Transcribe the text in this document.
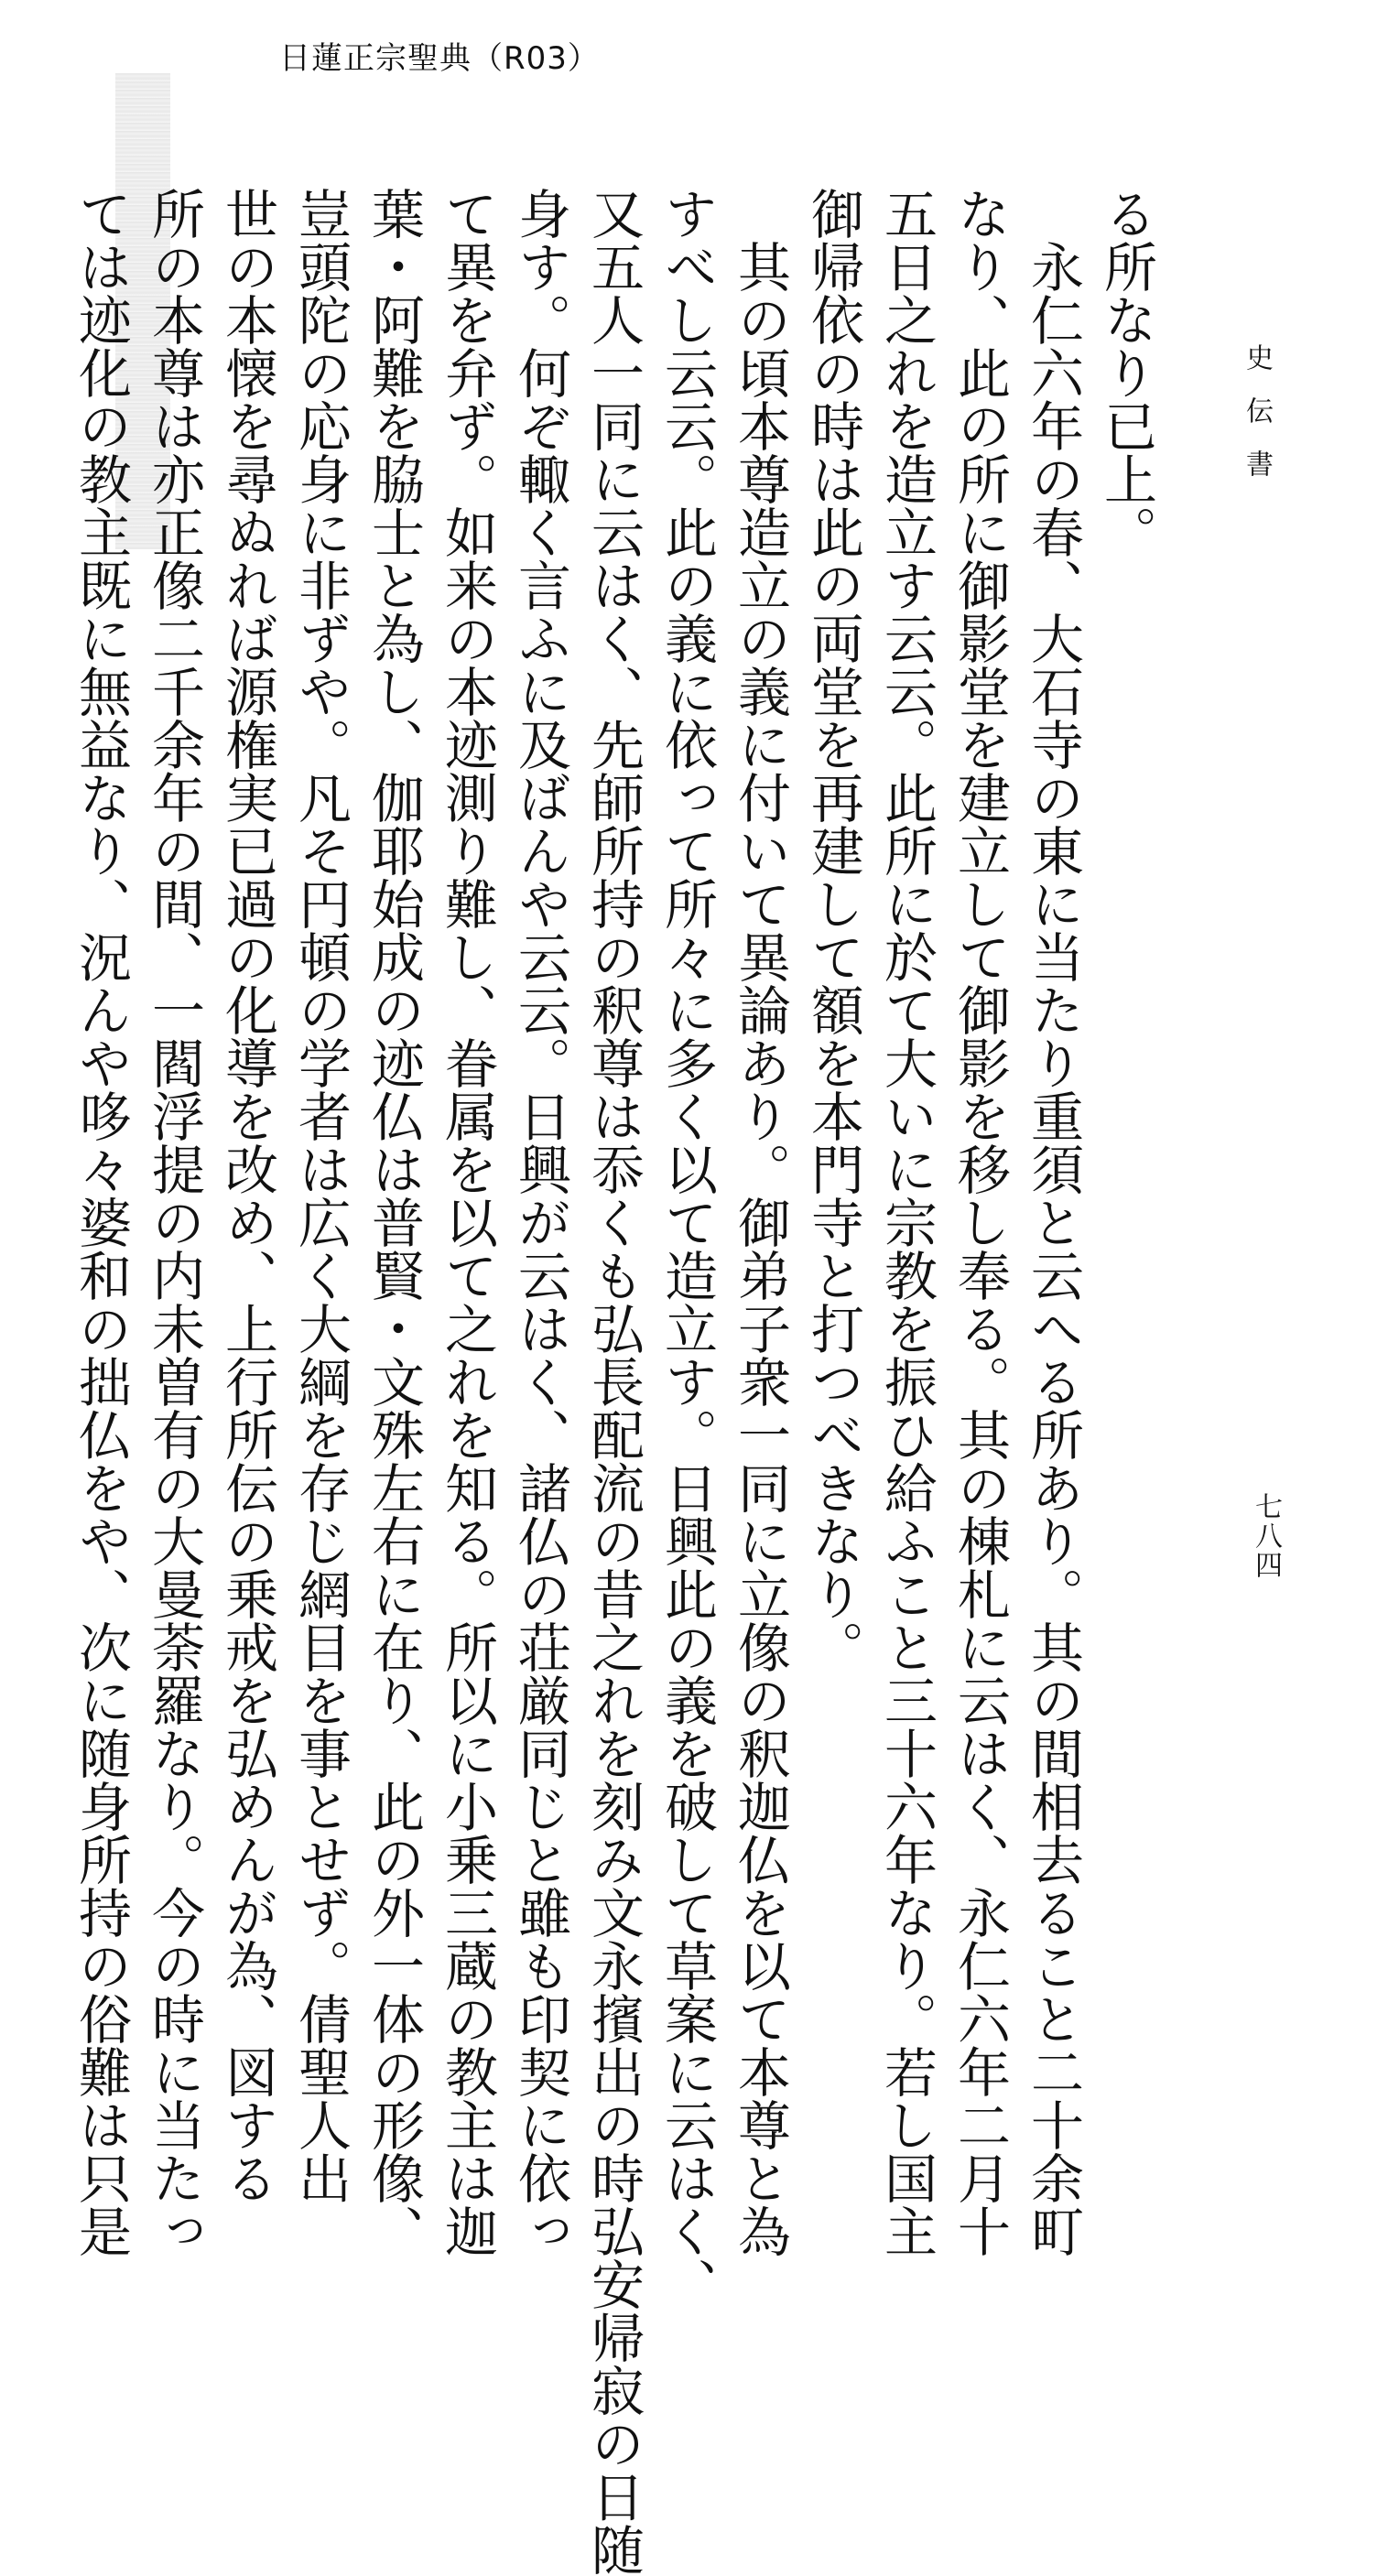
日蓮正宗聖典（R03）
史伝書
七八四
る所なり已上。
永仁六年の春、大石寺の東に当たり重須と云へる所あり。其の間相去ること二十余町
なり、此の所に御影堂を建立して御影を移し奉る。其の棟札に云はく、永仁六年二月十
五日之れを造立す云云。此所に於て大いに宗教を振ひ給ふこと三十六年なり。若し国主
御帰依の時は此の両堂を再建して額を本門寺と打つべきなり。
其の頃本尊造立の義に付いて異論あり。御弟子衆一同に立像の釈迦仏を以て本尊と為
すべし云云。此の義に依って所々に多く以て造立す。日興此の義を破して草案に云はく、
又五人一同に云はく、先師所持の釈尊は忝くも弘長配流の昔之れを刻み文永擯出の時弘安帰寂の日随
身す。何ぞ輙く言ふに及ばんや云云。日興が云はく、諸仏の荘厳同じと雖も印契に依っ
て異を弁ず。如来の本迹測り難し、眷属を以て之れを知る。所以に小乗三蔵の教主は迦
葉・阿難を脇士と為し、伽耶始成の迹仏は普賢・文殊左右に在り、此の外一体の形像、
豈頭陀の応身に非ずや。凡そ円頓の学者は広く大綱を存じ網目を事とせず。倩聖人出
世の本懐を尋ぬれば源権実已過の化導を改め、上行所伝の乗戒を弘めんが為、図する
所の本尊は亦正像二千余年の間、一閻浮提の内未曽有の大曼荼羅なり。今の時に当たっ
ては迹化の教主既に無益なり、況んや哆々婆和の拙仏をや、次に随身所持の俗難は只是
